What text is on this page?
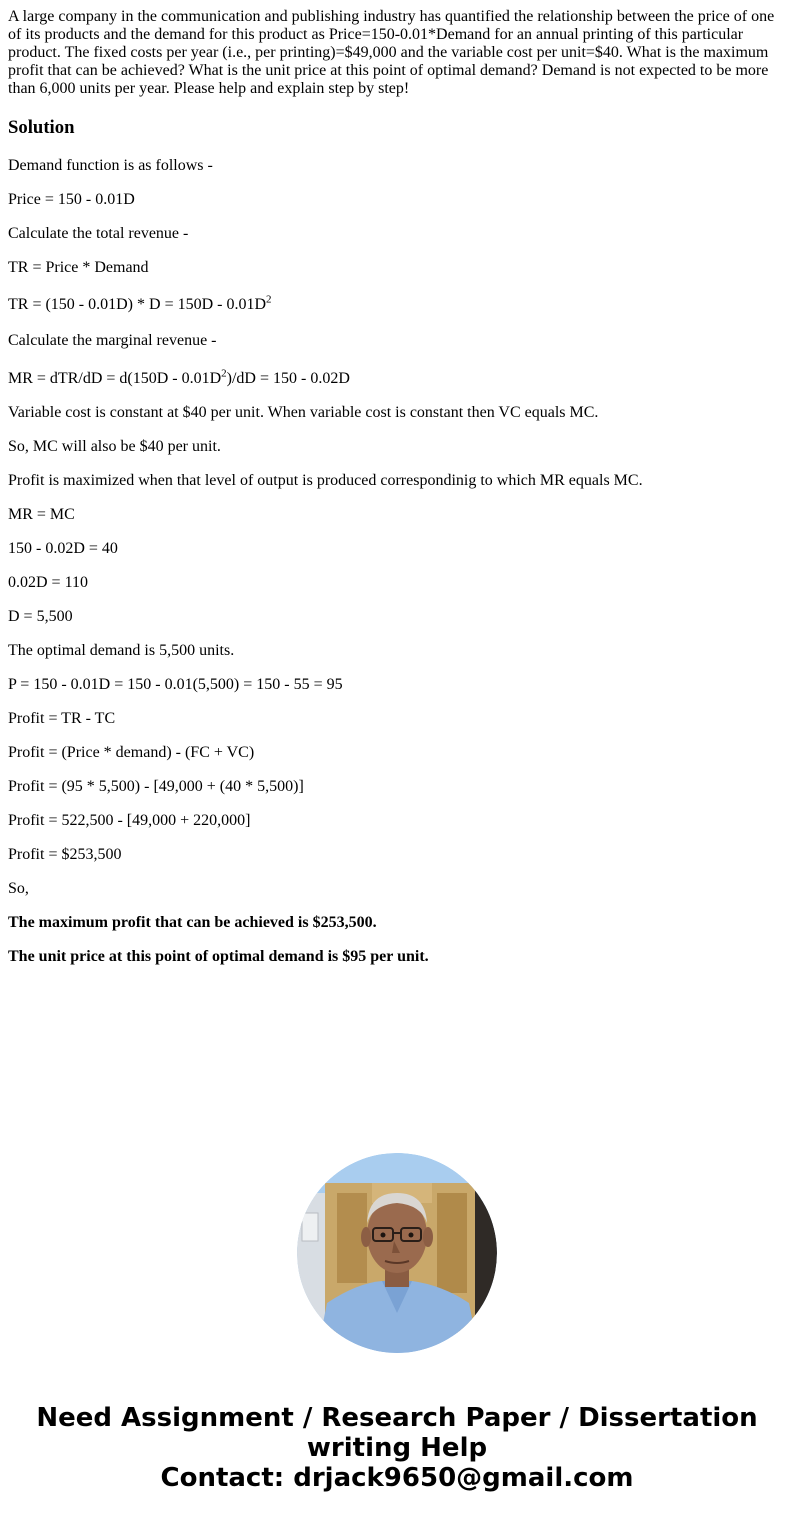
A large company in the communication and publishing industry has quantified the relationship between the price of one of its products and the demand for this product as Price=150-0.01*Demand for an annual printing of this particular product. The fixed costs per year (i.e., per printing)=$49,000 and the variable cost per unit=$40. What is the maximum profit that can be achieved? What is the unit price at this point of optimal demand? Demand is not expected to be more than 6,000 units per year. Please help and explain step by step!

Solution

Demand function is as follows -

Price = 150 - 0.01D

Calculate the total revenue -

TR = Price * Demand

TR = $(150 - 0.01D) * D = 150D - 0.01D^2$

Calculate the marginal revenue -

MR = $dTR/dD = d(150D - 0.01D^2)/dD = 150 - 0.02D$

Variable cost is constant at $40 per unit. When variable cost is constant then VC equals MC.

So, MC will also be $40 per unit.

Profit is maximized when that level of output is produced correspondinig to which MR equals MC.

MR = MC

150 - 0.02D = 40

0.02D = 110

D = 5,500

The optimal demand is 5,500 units.

P = 150 - 0.01D = 150 - 0.01(5,500) = 150 - 55 = 95

Profit = TR - TC

Profit = (Price * demand) - (FC + VC)

Profit = (95 * 5,500) - [49,000 + (40 * 5,500)]

Profit = 522,500 - [49,000 + 220,000]

Profit = $253,500

So,

The maximum profit that can be achieved is $253,500.

The unit price at this point of optimal demand is $95 per unit.

Need Assignment / Research Paper / Dissertation
writing Help
Contact: drjack9650@gmail.com
